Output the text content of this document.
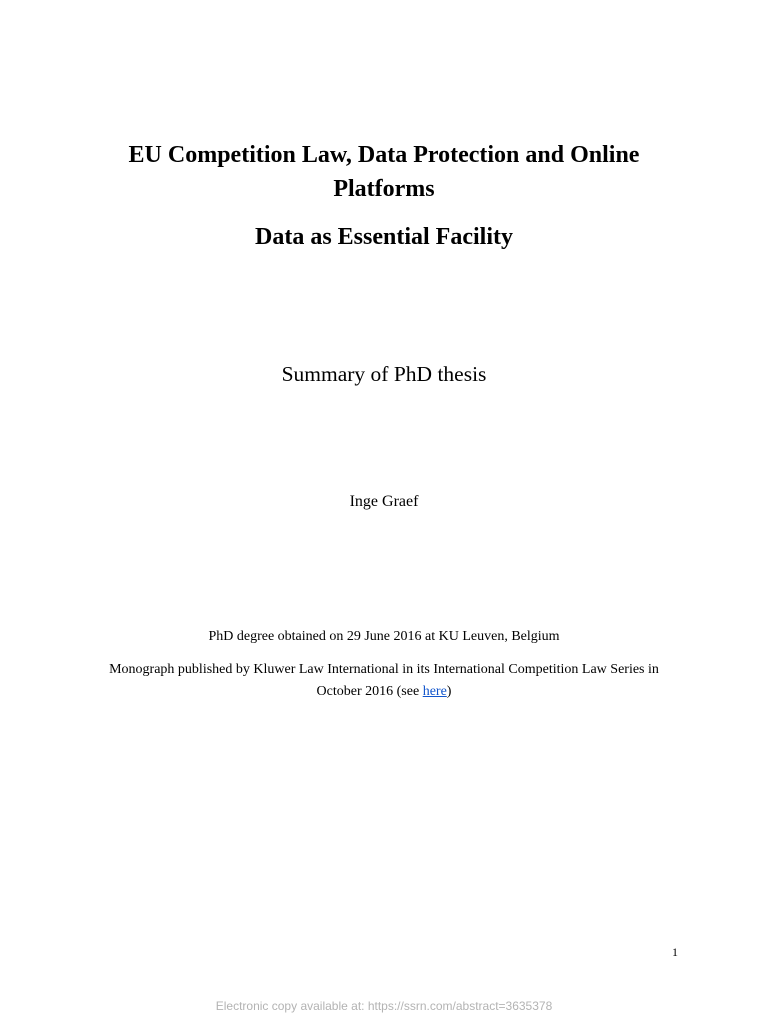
EU Competition Law, Data Protection and Online Platforms
Data as Essential Facility
Summary of PhD thesis
Inge Graef
PhD degree obtained on 29 June 2016 at KU Leuven, Belgium
Monograph published by Kluwer Law International in its International Competition Law Series in October 2016 (see here)
1
Electronic copy available at: https://ssrn.com/abstract=3635378
